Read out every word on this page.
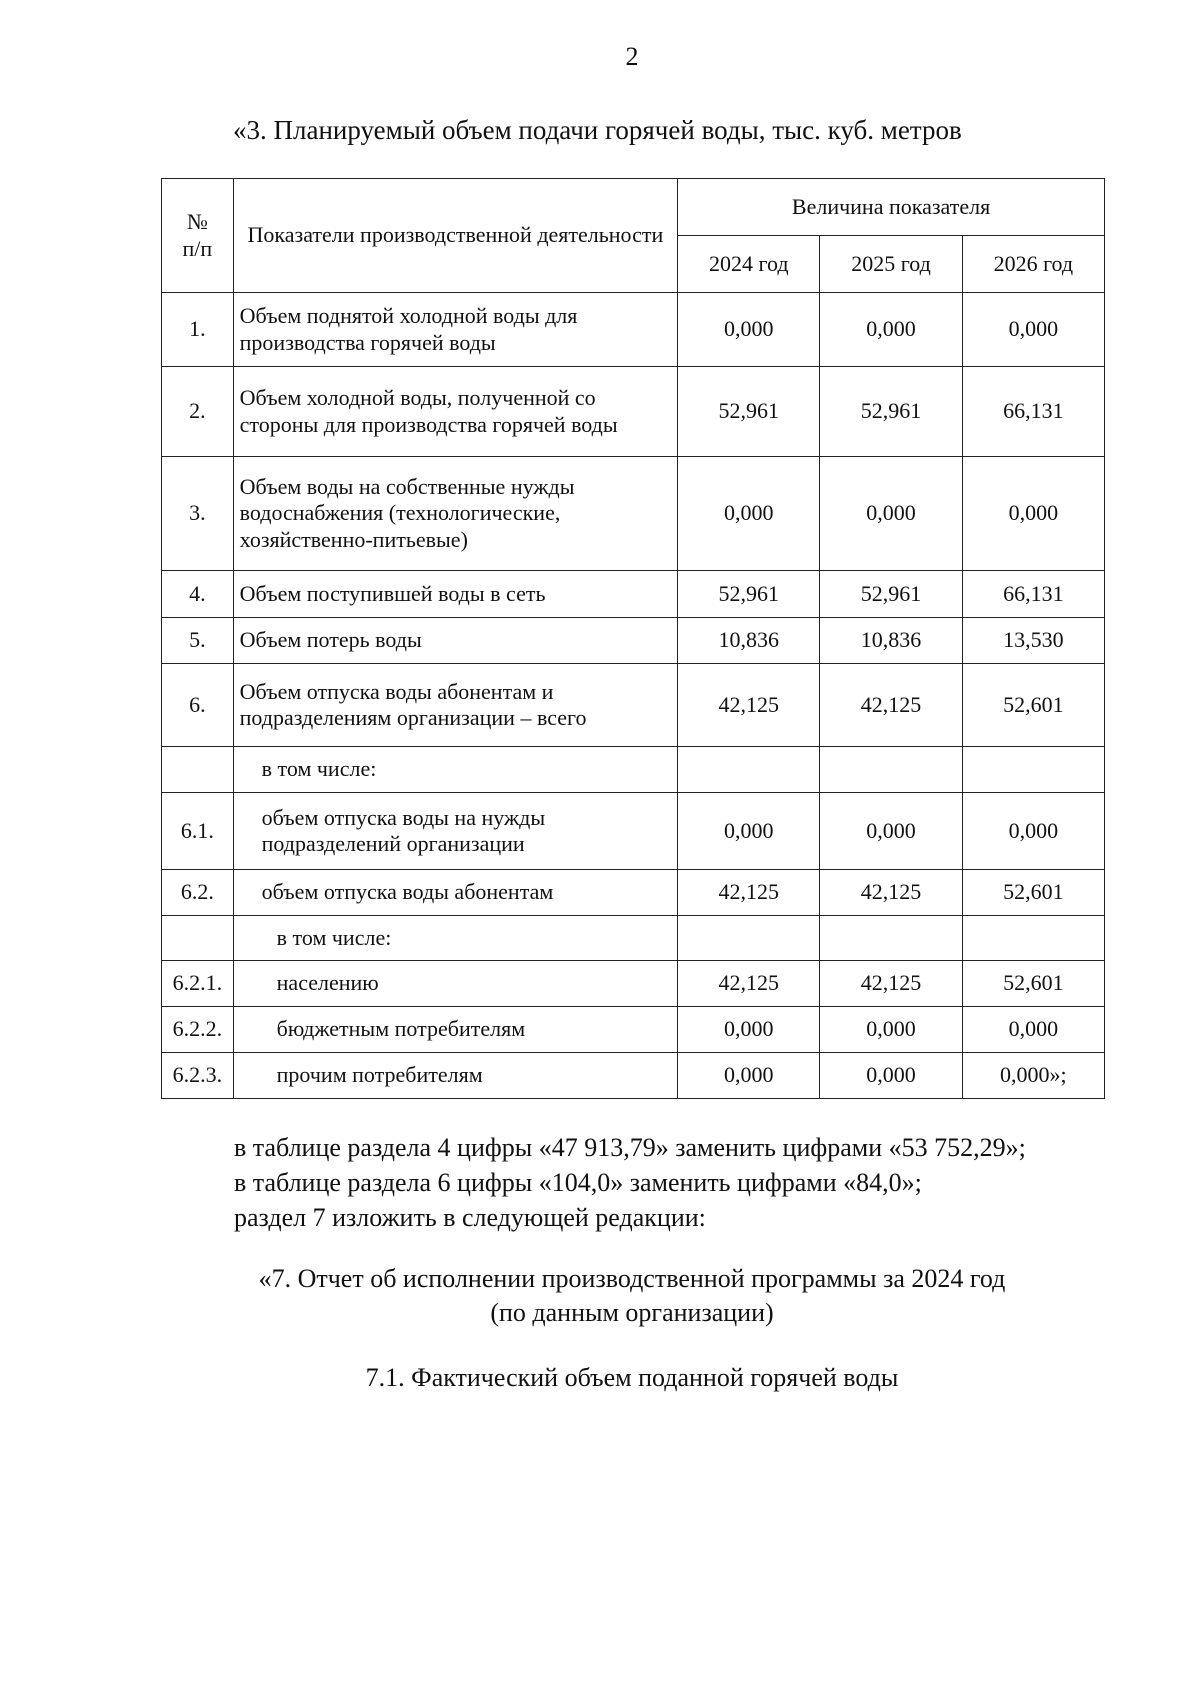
2
«3. Планируемый объем подачи горячей воды, тыс. куб. метров
№
п/п	Показатели производственной деятельности	Величина показателя		
		2024 год	2025 год	2026 год
1.	Объем поднятой холодной воды для производства горячей воды	0,000	0,000	0,000
2.	Объем холодной воды, полученной со стороны для производства горячей воды	52,961	52,961	66,131
3.	Объем воды на собственные нужды водоснабжения (технологические, хозяйственно-питьевые)	0,000	0,000	0,000
4.	Объем поступившей воды в сеть	52,961	52,961	66,131
5.	Объем потерь воды	10,836	10,836	13,530
6.	Объем отпуска воды абонентам и подразделениям организации – всего	42,125	42,125	52,601
	в том числе:			
6.1.	объем отпуска воды на нужды подразделений организации	0,000	0,000	0,000
6.2.	объем отпуска воды абонентам	42,125	42,125	52,601
	в том числе:			
6.2.1.	населению	42,125	42,125	52,601
6.2.2.	бюджетным потребителям	0,000	0,000	0,000
6.2.3.	прочим потребителям	0,000	0,000	0,000»;
в таблице раздела 4 цифры «47 913,79» заменить цифрами «53 752,29»;
в таблице раздела 6 цифры «104,0» заменить цифрами «84,0»;
раздел 7 изложить в следующей редакции:
«7. Отчет об исполнении производственной программы за 2024 год
(по данным организации)
7.1. Фактический объем поданной горячей воды
